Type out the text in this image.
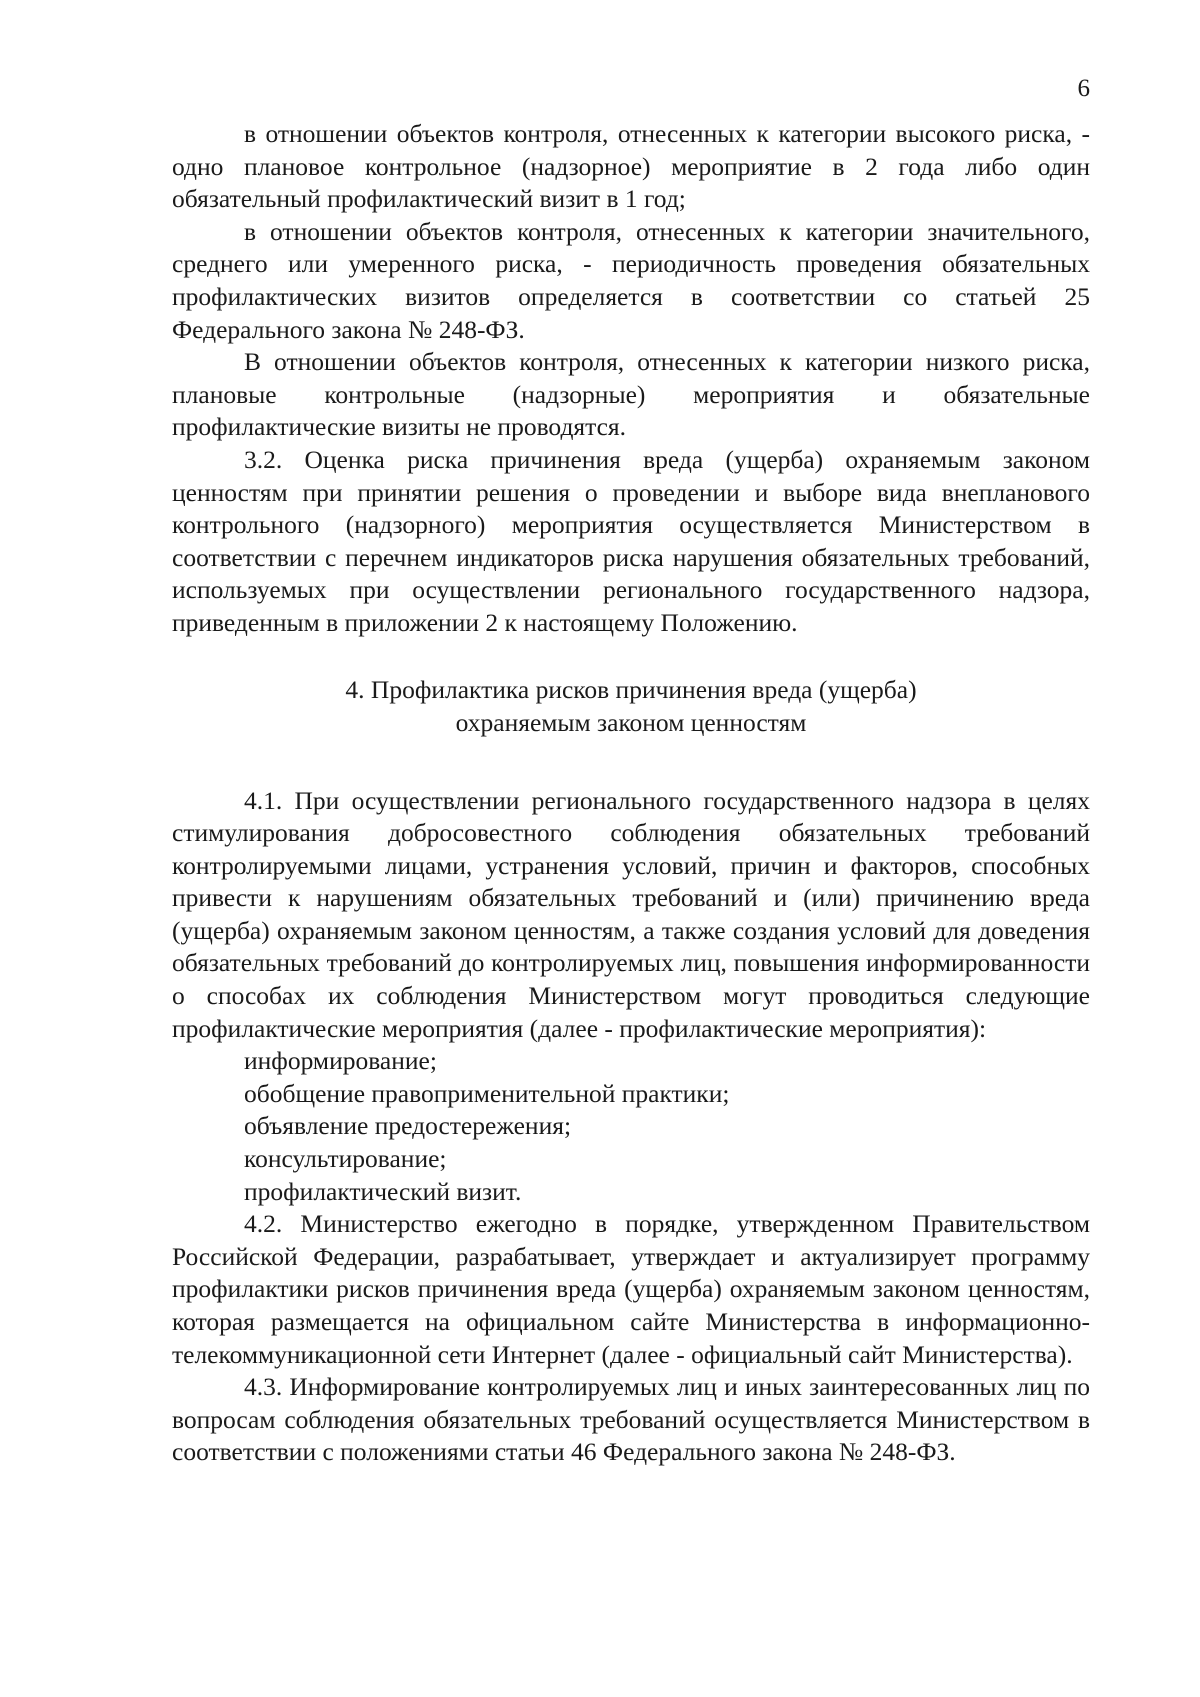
6

в отношении объектов контроля, отнесенных к категории высокого риска, - одно плановое контрольное (надзорное) мероприятие в 2 года либо один обязательный профилактический визит в 1 год;

в отношении объектов контроля, отнесенных к категории значительного, среднего или умеренного риска, - периодичность проведения обязательных профилактических визитов определяется в соответствии со статьей 25 Федерального закона № 248-ФЗ.

В отношении объектов контроля, отнесенных к категории низкого риска, плановые контрольные (надзорные) мероприятия и обязательные профилактические визиты не проводятся.

3.2. Оценка риска причинения вреда (ущерба) охраняемым законом ценностям при принятии решения о проведении и выборе вида внепланового контрольного (надзорного) мероприятия осуществляется Министерством в соответствии с перечнем индикаторов риска нарушения обязательных требований, используемых при осуществлении регионального государственного надзора, приведенным в приложении 2 к настоящему Положению.

4. Профилактика рисков причинения вреда (ущерба)
охраняемым законом ценностям

4.1. При осуществлении регионального государственного надзора в целях стимулирования добросовестного соблюдения обязательных требований контролируемыми лицами, устранения условий, причин и факторов, способных привести к нарушениям обязательных требований и (или) причинению вреда (ущерба) охраняемым законом ценностям, а также создания условий для доведения обязательных требований до контролируемых лиц, повышения информированности о способах их соблюдения Министерством могут проводиться следующие профилактические мероприятия (далее - профилактические мероприятия):

информирование;

обобщение правоприменительной практики;

объявление предостережения;

консультирование;

профилактический визит.

4.2. Министерство ежегодно в порядке, утвержденном Правительством Российской Федерации, разрабатывает, утверждает и актуализирует программу профилактики рисков причинения вреда (ущерба) охраняемым законом ценностям, которая размещается на официальном сайте Министерства в информационно-телекоммуникационной сети Интернет (далее - официальный сайт Министерства).

4.3. Информирование контролируемых лиц и иных заинтересованных лиц по вопросам соблюдения обязательных требований осуществляется Министерством в соответствии с положениями статьи 46 Федерального закона № 248-ФЗ.
